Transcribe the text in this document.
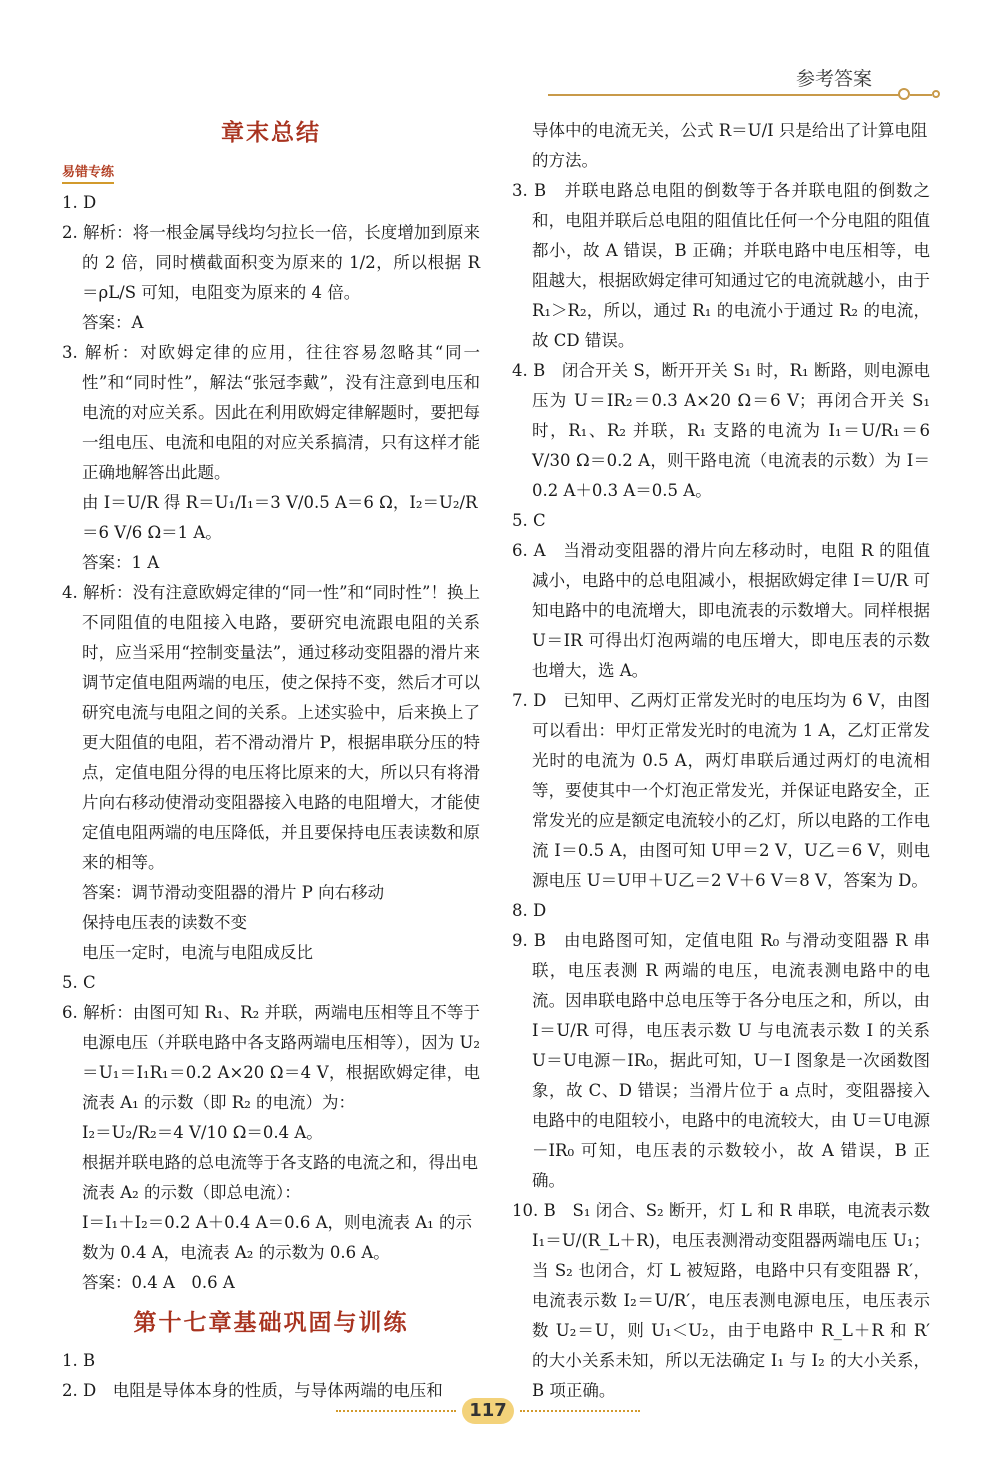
参考答案
章末总结
易错专练
1. D
2. 解析：将一根金属导线均匀拉长一倍，长度增加到原来的 2 倍，同时横截面积变为原来的 1/2，所以根据 R＝ρL/S 可知，电阻变为原来的 4 倍。
答案：A
3. 解析：对欧姆定律的应用，往往容易忽略其“同一性”和“同时性”，解法“张冠李戴”，没有注意到电压和电流的对应关系。因此在利用欧姆定律解题时，要把每一组电压、电流和电阻的对应关系搞清，只有这样才能正确地解答出此题。
由 I＝U/R 得 R＝U₁/I₁＝3 V/0.5 A＝6 Ω，I₂＝U₂/R＝6 V/6 Ω＝1 A。
答案：1 A
4. 解析：没有注意欧姆定律的“同一性”和“同时性”！换上不同阻值的电阻接入电路，要研究电流跟电阻的关系时，应当采用“控制变量法”，通过移动变阻器的滑片来调节定值电阻两端的电压，使之保持不变，然后才可以研究电流与电阻之间的关系。上述实验中，后来换上了更大阻值的电阻，若不滑动滑片 P，根据串联分压的特点，定值电阻分得的电压将比原来的大，所以只有将滑片向右移动使滑动变阻器接入电路的电阻增大，才能使定值电阻两端的电压降低，并且要保持电压表读数和原来的相等。
答案：调节滑动变阻器的滑片 P 向右移动
保持电压表的读数不变
电压一定时，电流与电阻成反比
5. C
6. 解析：由图可知 R₁、R₂ 并联，两端电压相等且不等于电源电压（并联电路中各支路两端电压相等），因为 U₂＝U₁＝I₁R₁＝0.2 A×20 Ω＝4 V，根据欧姆定律，电流表 A₁ 的示数（即 R₂ 的电流）为：
I₂＝U₂/R₂＝4 V/10 Ω＝0.4 A。
根据并联电路的总电流等于各支路的电流之和，得出电流表 A₂ 的示数（即总电流）：
I＝I₁＋I₂＝0.2 A＋0.4 A＝0.6 A，则电流表 A₁ 的示数为 0.4 A，电流表 A₂ 的示数为 0.6 A。
答案：0.4 A　0.6 A
第十七章基础巩固与训练
1. B
2. D　电阻是导体本身的性质，与导体两端的电压和
导体中的电流无关，公式 R＝U/I 只是给出了计算电阻的方法。
3. B　并联电路总电阻的倒数等于各并联电阻的倒数之和，电阻并联后总电阻的阻值比任何一个分电阻的阻值都小，故 A 错误，B 正确；并联电路中电压相等，电阻越大，根据欧姆定律可知通过它的电流就越小，由于 R₁＞R₂，所以，通过 R₁ 的电流小于通过 R₂ 的电流，故 CD 错误。
4. B　闭合开关 S，断开开关 S₁ 时，R₁ 断路，则电源电压为 U＝IR₂＝0.3 A×20 Ω＝6 V；再闭合开关 S₁ 时，R₁、R₂ 并联，R₁ 支路的电流为 I₁＝U/R₁＝6 V/30 Ω＝0.2 A，则干路电流（电流表的示数）为 I＝0.2 A＋0.3 A＝0.5 A。
5. C
6. A　当滑动变阻器的滑片向左移动时，电阻 R 的阻值减小，电路中的总电阻减小，根据欧姆定律 I＝U/R 可知电路中的电流增大，即电流表的示数增大。同样根据 U＝IR 可得出灯泡两端的电压增大，即电压表的示数也增大，选 A。
7. D　已知甲、乙两灯正常发光时的电压均为 6 V，由图可以看出：甲灯正常发光时的电流为 1 A，乙灯正常发光时的电流为 0.5 A，两灯串联后通过两灯的电流相等，要使其中一个灯泡正常发光，并保证电路安全，正常发光的应是额定电流较小的乙灯，所以电路的工作电流 I＝0.5 A，由图可知 U甲＝2 V，U乙＝6 V，则电源电压 U＝U甲＋U乙＝2 V＋6 V＝8 V，答案为 D。
8. D
9. B　由电路图可知，定值电阻 R₀ 与滑动变阻器 R 串联，电压表测 R 两端的电压，电流表测电路中的电流。因串联电路中总电压等于各分电压之和，所以，由 I＝U/R 可得，电压表示数 U 与电流表示数 I 的关系 U＝U电源－IR₀，据此可知，U－I 图象是一次函数图象，故 C、D 错误；当滑片位于 a 点时，变阻器接入电路中的电阻较小，电路中的电流较大，由 U＝U电源－IR₀ 可知，电压表的示数较小，故 A 错误，B 正确。
10. B　S₁ 闭合、S₂ 断开，灯 L 和 R 串联，电流表示数 I₁＝U/(R_L＋R)，电压表测滑动变阻器两端电压 U₁；当 S₂ 也闭合，灯 L 被短路，电路中只有变阻器 R′，电流表示数 I₂＝U/R′，电压表测电源电压，电压表示数 U₂＝U，则 U₁＜U₂，由于电路中 R_L＋R 和 R′ 的大小关系未知，所以无法确定 I₁ 与 I₂ 的大小关系，B 项正确。
117
